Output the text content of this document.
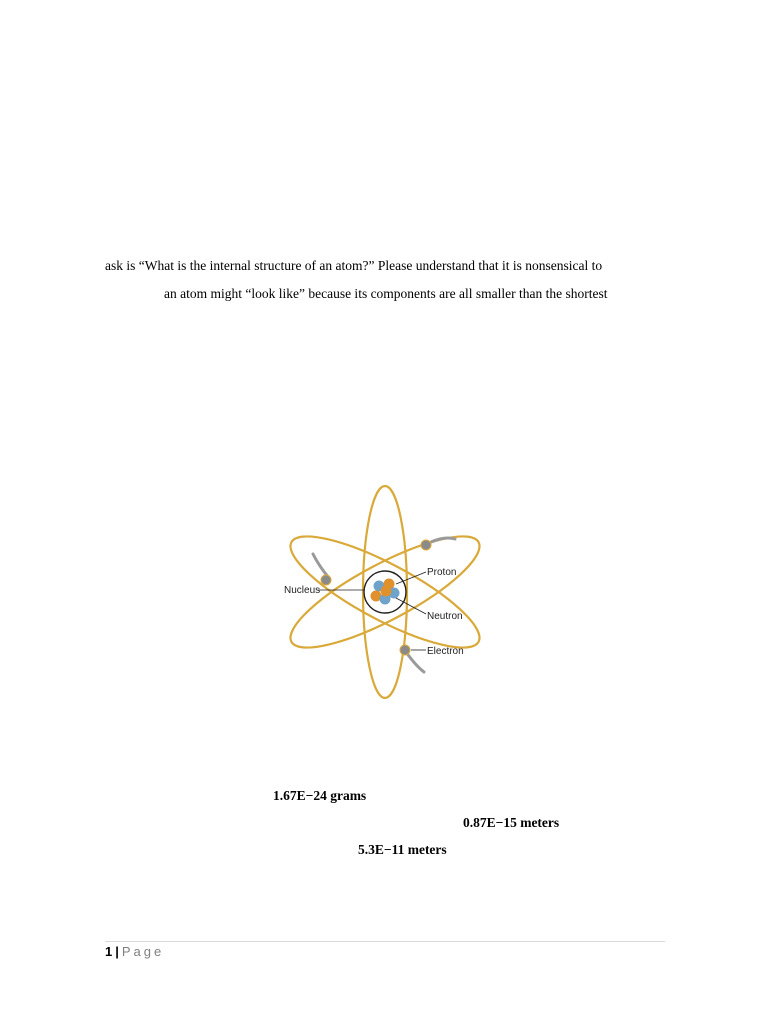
ask is “What is the internal structure of an atom?” Please understand that it is nonsensical to
an atom might “look like” because its components are all smaller than the shortest
Nucleus
Proton
Neutron
Electron
1.67E−24 grams
0.87E−15 meters
5.3E−11 meters
1 | Page
